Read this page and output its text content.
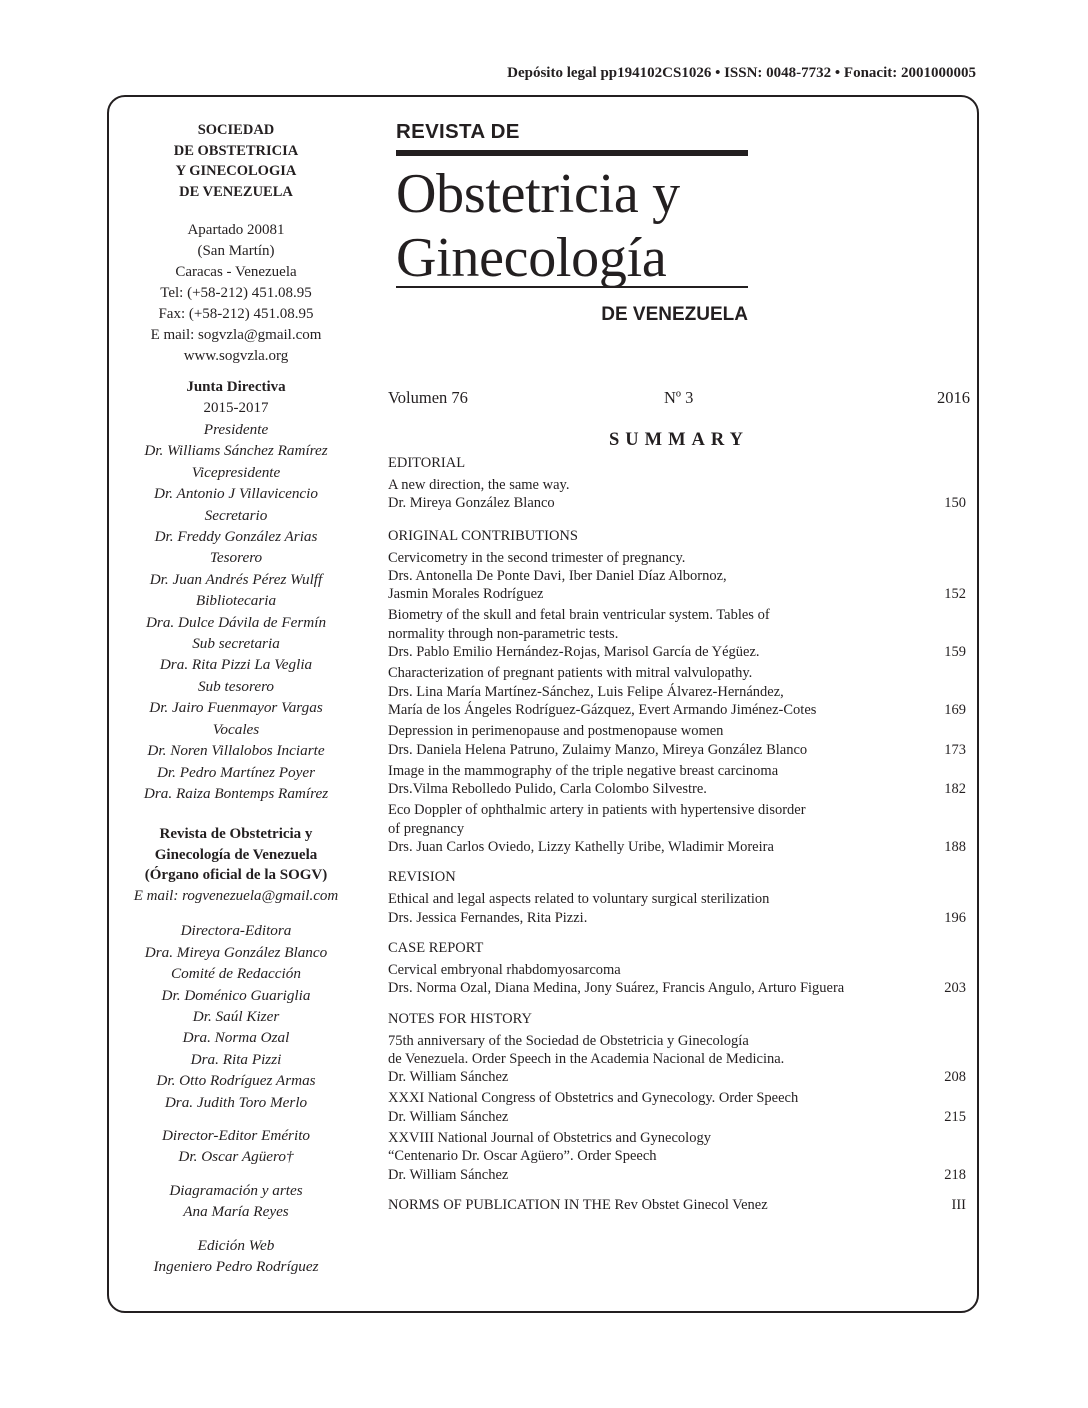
Depósito legal pp194102CS1026 • ISSN: 0048-7732 • Fonacit: 2001000005
SOCIEDAD
DE OBSTETRICIA
Y GINECOLOGIA
DE VENEZUELA
Apartado 20081
(San Martín)
Caracas - Venezuela
Tel: (+58-212) 451.08.95
Fax: (+58-212) 451.08.95
E mail: sogvzla@gmail.com
www.sogvzla.org
Junta Directiva
2015-2017
Presidente
Dr. Williams Sánchez Ramírez
Vicepresidente
Dr. Antonio J Villavicencio
Secretario
Dr. Freddy González Arias
Tesorero
Dr. Juan Andrés Pérez Wulff
Bibliotecaria
Dra. Dulce Dávila de Fermín
Sub secretaria
Dra. Rita Pizzi La Veglia
Sub tesorero
Dr. Jairo Fuenmayor Vargas
Vocales
Dr. Noren Villalobos Inciarte
Dr. Pedro Martínez Poyer
Dra. Raiza Bontemps Ramírez
Revista de Obstetricia y
Ginecología de Venezuela
(Órgano oficial de la SOGV)
E mail: rogvenezuela@gmail.com
Directora-Editora
Dra. Mireya González Blanco
Comité de Redacción
Dr. Doménico Guariglia
Dr. Saúl Kizer
Dra. Norma Ozal
Dra. Rita Pizzi
Dr. Otto Rodríguez Armas
Dra. Judith Toro Merlo
Director-Editor Emérito
Dr. Oscar Agüero†
Diagramación y artes
Ana María Reyes
Edición Web
Ingeniero Pedro Rodríguez
REVISTA DE
Obstetricia y
Ginecología
DE VENEZUELA
Volumen 76	Nº 3	2016
SUMMARY
EDITORIAL
A new direction, the same way.
Dr. Mireya González Blanco	150
ORIGINAL CONTRIBUTIONS
Cervicometry in the second trimester of pregnancy.
Drs. Antonella De Ponte Davi, Iber Daniel Díaz Albornoz,
Jasmin Morales Rodríguez	152
Biometry of the skull and fetal brain ventricular system. Tables of
normality through non-parametric tests.
Drs. Pablo Emilio Hernández-Rojas, Marisol García de Yégüez.	159
Characterization of pregnant patients with mitral valvulopathy.
Drs. Lina María Martínez-Sánchez, Luis Felipe Álvarez-Hernández,
María de los Ángeles Rodríguez-Gázquez, Evert Armando Jiménez-Cotes	169
Depression in perimenopause and postmenopause women
Drs. Daniela Helena Patruno, Zulaimy Manzo, Mireya González Blanco	173
Image in the mammography of the triple negative breast carcinoma
Drs.Vilma Rebolledo Pulido, Carla Colombo Silvestre.	182
Eco Doppler of ophthalmic artery in patients with hypertensive disorder
of pregnancy
Drs. Juan Carlos Oviedo, Lizzy Kathelly Uribe, Wladimir Moreira	188
REVISION
Ethical and legal aspects related to voluntary surgical sterilization
Drs. Jessica Fernandes, Rita Pizzi.	196
CASE REPORT
Cervical embryonal rhabdomyosarcoma
Drs. Norma Ozal, Diana Medina, Jony Suárez, Francis Angulo, Arturo Figuera	203
NOTES FOR HISTORY
75th anniversary of the Sociedad de Obstetricia y Ginecología
de Venezuela. Order Speech in the Academia Nacional de Medicina.
Dr. William Sánchez	208
XXXI National Congress of Obstetrics and Gynecology. Order Speech
Dr. William Sánchez	215
XXVIII National Journal of Obstetrics and Gynecology
“Centenario Dr. Oscar Agüero”. Order Speech
Dr. William Sánchez	218
NORMS OF PUBLICATION IN THE Rev Obstet Ginecol Venez	III
